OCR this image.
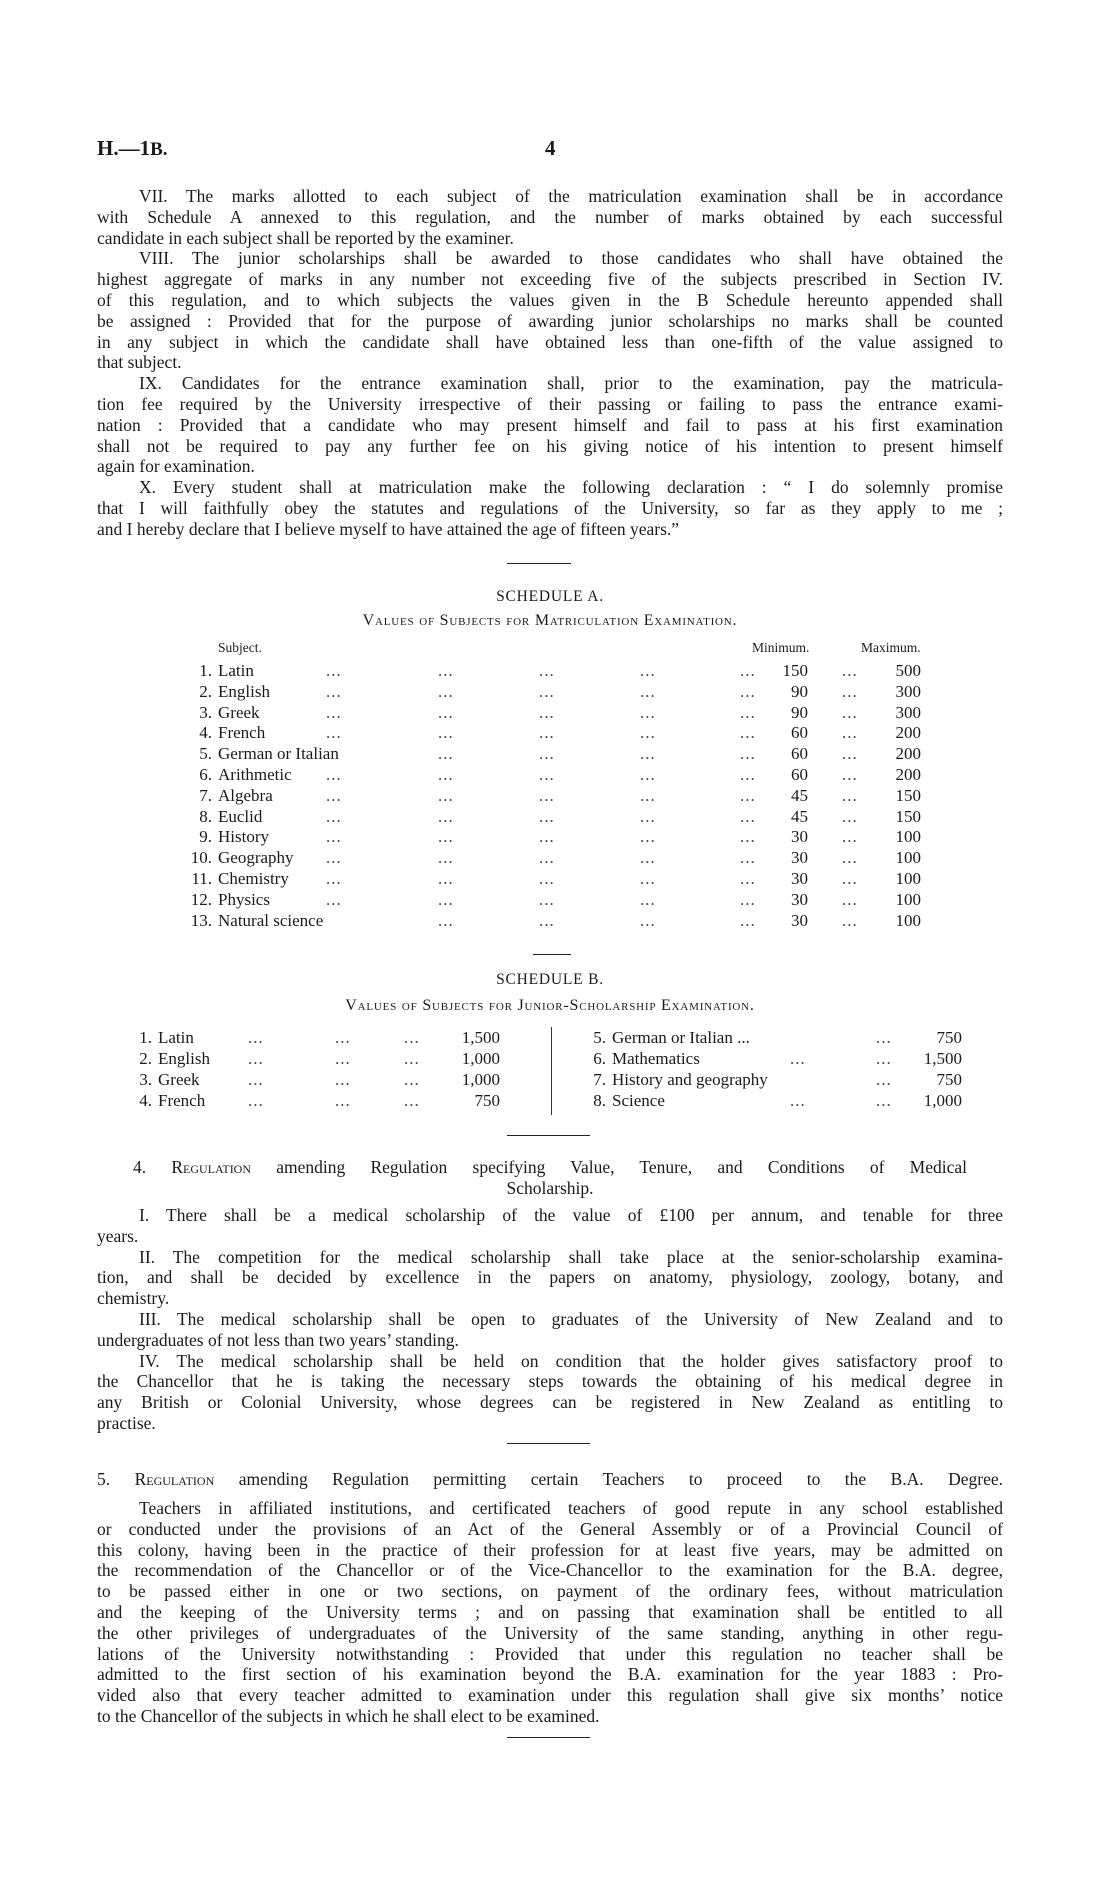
H.—1B.	4
VII. The marks allotted to each subject of the matriculation examination shall be in accordance
with Schedule A annexed to this regulation, and the number of marks obtained by each successful
candidate in each subject shall be reported by the examiner.
VIII. The junior scholarships shall be awarded to those candidates who shall have obtained the
highest aggregate of marks in any number not exceeding five of the subjects prescribed in Section IV.
of this regulation, and to which subjects the values given in the B Schedule hereunto appended shall
be assigned : Provided that for the purpose of awarding junior scholarships no marks shall be counted
in any subject in which the candidate shall have obtained less than one-fifth of the value assigned to
that subject.
IX. Candidates for the entrance examination shall, prior to the examination, pay the matricula-
tion fee required by the University irrespective of their passing or failing to pass the entrance exami-
nation : Provided that a candidate who may present himself and fail to pass at his first examination
shall not be required to pay any further fee on his giving notice of his intention to present himself
again for examination.
X. Every student shall at matriculation make the following declaration : “ I do solemnly promise
that I will faithfully obey the statutes and regulations of the University, so far as they apply to me ;
and I hereby declare that I believe myself to have attained the age of fifteen years.”
SCHEDULE A.
Values of Subjects for Matriculation Examination.
Subject.	Minimum.	Maximum.
1. Latin	...	...	...	...	... 150 ... 500
2. English	...	...	...	...	... 90 ... 300
3. Greek	...	...	...	...	... 90 ... 300
4. French	...	...	...	...	... 60 ... 200
5. German or Italian	...	...	...	... 60 ... 200
6. Arithmetic ...	...	...	...	... 60 ... 200
7. Algebra	...	...	...	...	... 45 ... 150
8. Euclid	...	...	...	...	... 45 ... 150
9. History	...	...	...	...	... 30 ... 100
10. Geography ...	...	...	...	... 30 ... 100
11. Chemistry ...	...	...	...	... 30 ... 100
12. Physics	...	...	...	...	... 30 ... 100
13. Natural science	...	...	...	... 30 ... 100
SCHEDULE B.
Values of Subjects for Junior-Scholarship Examination.
1. Latin	...	...	... 1,500
2. English ...	...	... 1,000
3. Greek	...	...	... 1,000
4. French	...	...	...	750
5. German or Italian ...	...	750
6. Mathematics	...	... 1,500
7. History and geography	...	750
8. Science	...	... 1,000
4. Regulation amending Regulation specifying Value, Tenure, and Conditions of Medical
Scholarship.
I. There shall be a medical scholarship of the value of £100 per annum, and tenable for three
years.
II. The competition for the medical scholarship shall take place at the senior-scholarship examina-
tion, and shall be decided by excellence in the papers on anatomy, physiology, zoology, botany, and
chemistry.
III. The medical scholarship shall be open to graduates of the University of New Zealand and to
undergraduates of not less than two years’ standing.
IV. The medical scholarship shall be held on condition that the holder gives satisfactory proof to
the Chancellor that he is taking the necessary steps towards the obtaining of his medical degree in
any British or Colonial University, whose degrees can be registered in New Zealand as entitling to
practise.
5. Regulation amending Regulation permitting certain Teachers to proceed to the B.A. Degree.
Teachers in affiliated institutions, and certificated teachers of good repute in any school established
or conducted under the provisions of an Act of the General Assembly or of a Provincial Council of
this colony, having been in the practice of their profession for at least five years, may be admitted on
the recommendation of the Chancellor or of the Vice-Chancellor to the examination for the B.A. degree,
to be passed either in one or two sections, on payment of the ordinary fees, without matriculation
and the keeping of the University terms ; and on passing that examination shall be entitled to all
the other privileges of undergraduates of the University of the same standing, anything in other regu-
lations of the University notwithstanding : Provided that under this regulation no teacher shall be
admitted to the first section of his examination beyond the B.A. examination for the year 1883 : Pro-
vided also that every teacher admitted to examination under this regulation shall give six months’ notice
to the Chancellor of the subjects in which he shall elect to be examined.
